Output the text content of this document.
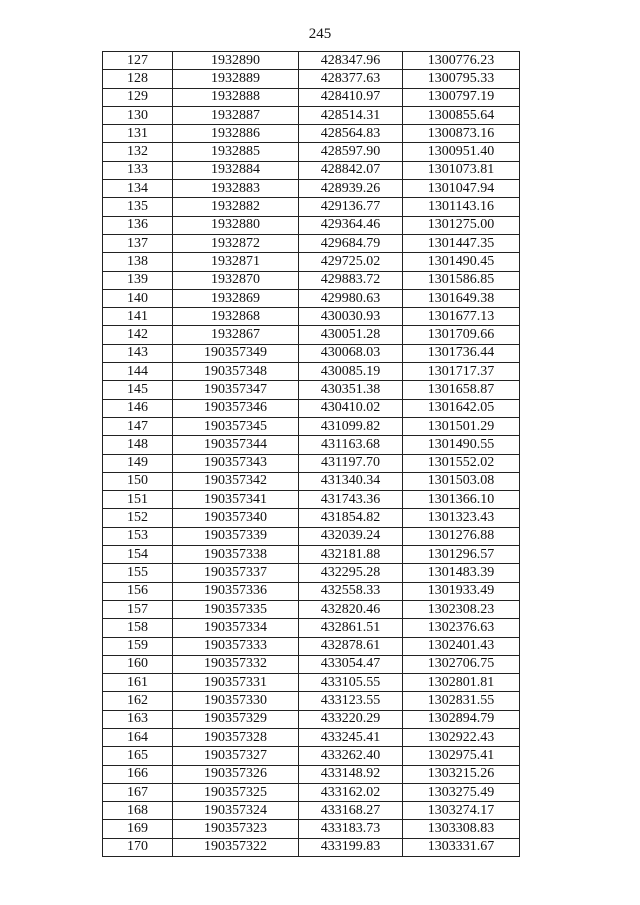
245
127	1932890	428347.96	1300776.23
128	1932889	428377.63	1300795.33
129	1932888	428410.97	1300797.19
130	1932887	428514.31	1300855.64
131	1932886	428564.83	1300873.16
132	1932885	428597.90	1300951.40
133	1932884	428842.07	1301073.81
134	1932883	428939.26	1301047.94
135	1932882	429136.77	1301143.16
136	1932880	429364.46	1301275.00
137	1932872	429684.79	1301447.35
138	1932871	429725.02	1301490.45
139	1932870	429883.72	1301586.85
140	1932869	429980.63	1301649.38
141	1932868	430030.93	1301677.13
142	1932867	430051.28	1301709.66
143	190357349	430068.03	1301736.44
144	190357348	430085.19	1301717.37
145	190357347	430351.38	1301658.87
146	190357346	430410.02	1301642.05
147	190357345	431099.82	1301501.29
148	190357344	431163.68	1301490.55
149	190357343	431197.70	1301552.02
150	190357342	431340.34	1301503.08
151	190357341	431743.36	1301366.10
152	190357340	431854.82	1301323.43
153	190357339	432039.24	1301276.88
154	190357338	432181.88	1301296.57
155	190357337	432295.28	1301483.39
156	190357336	432558.33	1301933.49
157	190357335	432820.46	1302308.23
158	190357334	432861.51	1302376.63
159	190357333	432878.61	1302401.43
160	190357332	433054.47	1302706.75
161	190357331	433105.55	1302801.81
162	190357330	433123.55	1302831.55
163	190357329	433220.29	1302894.79
164	190357328	433245.41	1302922.43
165	190357327	433262.40	1302975.41
166	190357326	433148.92	1303215.26
167	190357325	433162.02	1303275.49
168	190357324	433168.27	1303274.17
169	190357323	433183.73	1303308.83
170	190357322	433199.83	1303331.67
